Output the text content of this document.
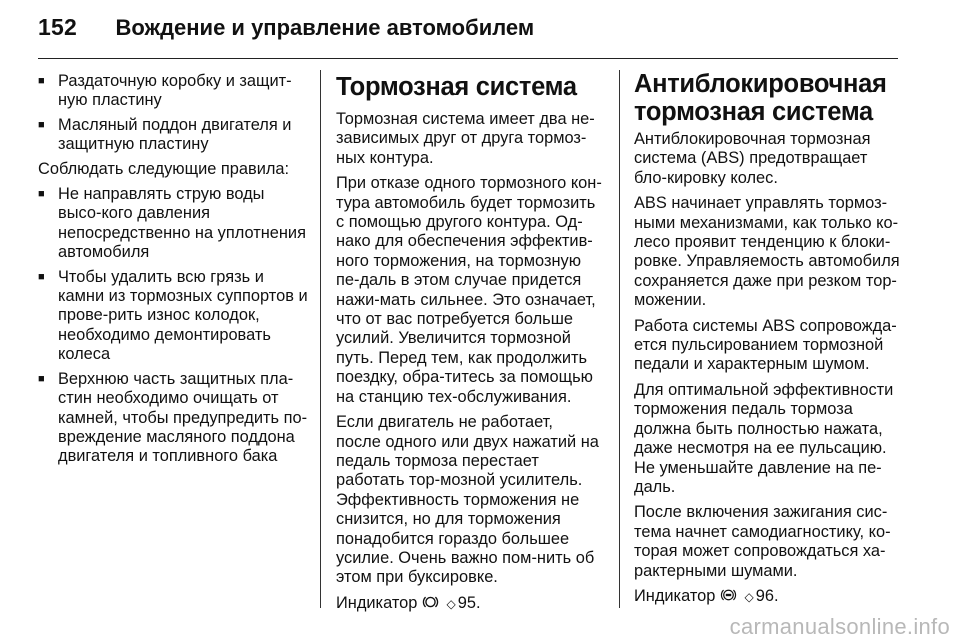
152 Вождение и управление автомобилем
■ Раздаточную коробку и защит-ную пластину
■ Масляный поддон двигателя и защитную пластину
Соблюдать следующие правила:
■ Не направлять струю воды высо-кого давления непосредственно на уплотнения автомобиля
■ Чтобы удалить всю грязь и камни из тормозных суппортов и прове-рить износ колодок, необходимо демонтировать колеса
■ Верхнюю часть защитных пла-стин необходимо очищать от камней, чтобы предупредить по-вреждение масляного поддона двигателя и топливного бака
Тормозная система

Тормозная система имеет два не-зависимых друг от друга тормоз-ных контура.

При отказе одного тормозного кон-тура автомобиль будет тормозить с помощью другого контура. Од-нако для обеспечения эффектив-ного торможения, на тормозную пе-даль в этом случае придется нажи-мать сильнее. Это означает, что от вас потребуется больше усилий. Увеличится тормозной путь. Перед тем, как продолжить поездку, обра-титесь за помощью на станцию тех-обслуживания.

Если двигатель не работает, после одного или двух нажатий на педаль тормоза перестает работать тор-мозной усилитель. Эффективность торможения не снизится, но для торможения понадобится гораздо большее усилие. Очень важно пом-нить об этом при буксировке.

Индикатор ◇ 95.

Антиблокировочная
тормозная система

Антиблокировочная тормозная система (ABS) предотвращает бло-кировку колес.

ABS начинает управлять тормоз-ными механизмами, как только ко-лесо проявит тенденцию к блоки-ровке. Управляемость автомобиля сохраняется даже при резком тор-можении.

Работа системы ABS сопровожда-ется пульсированием тормозной педали и характерным шумом.

Для оптимальной эффективности торможения педаль тормоза должна быть полностью нажата, даже несмотря на ее пульсацию. Не уменьшайте давление на пе-даль.

После включения зажигания сис-тема начнет самодиагностику, ко-торая может сопровождаться ха-рактерными шумами.

Индикатор ◇ 96.

carmanualsonline.info
